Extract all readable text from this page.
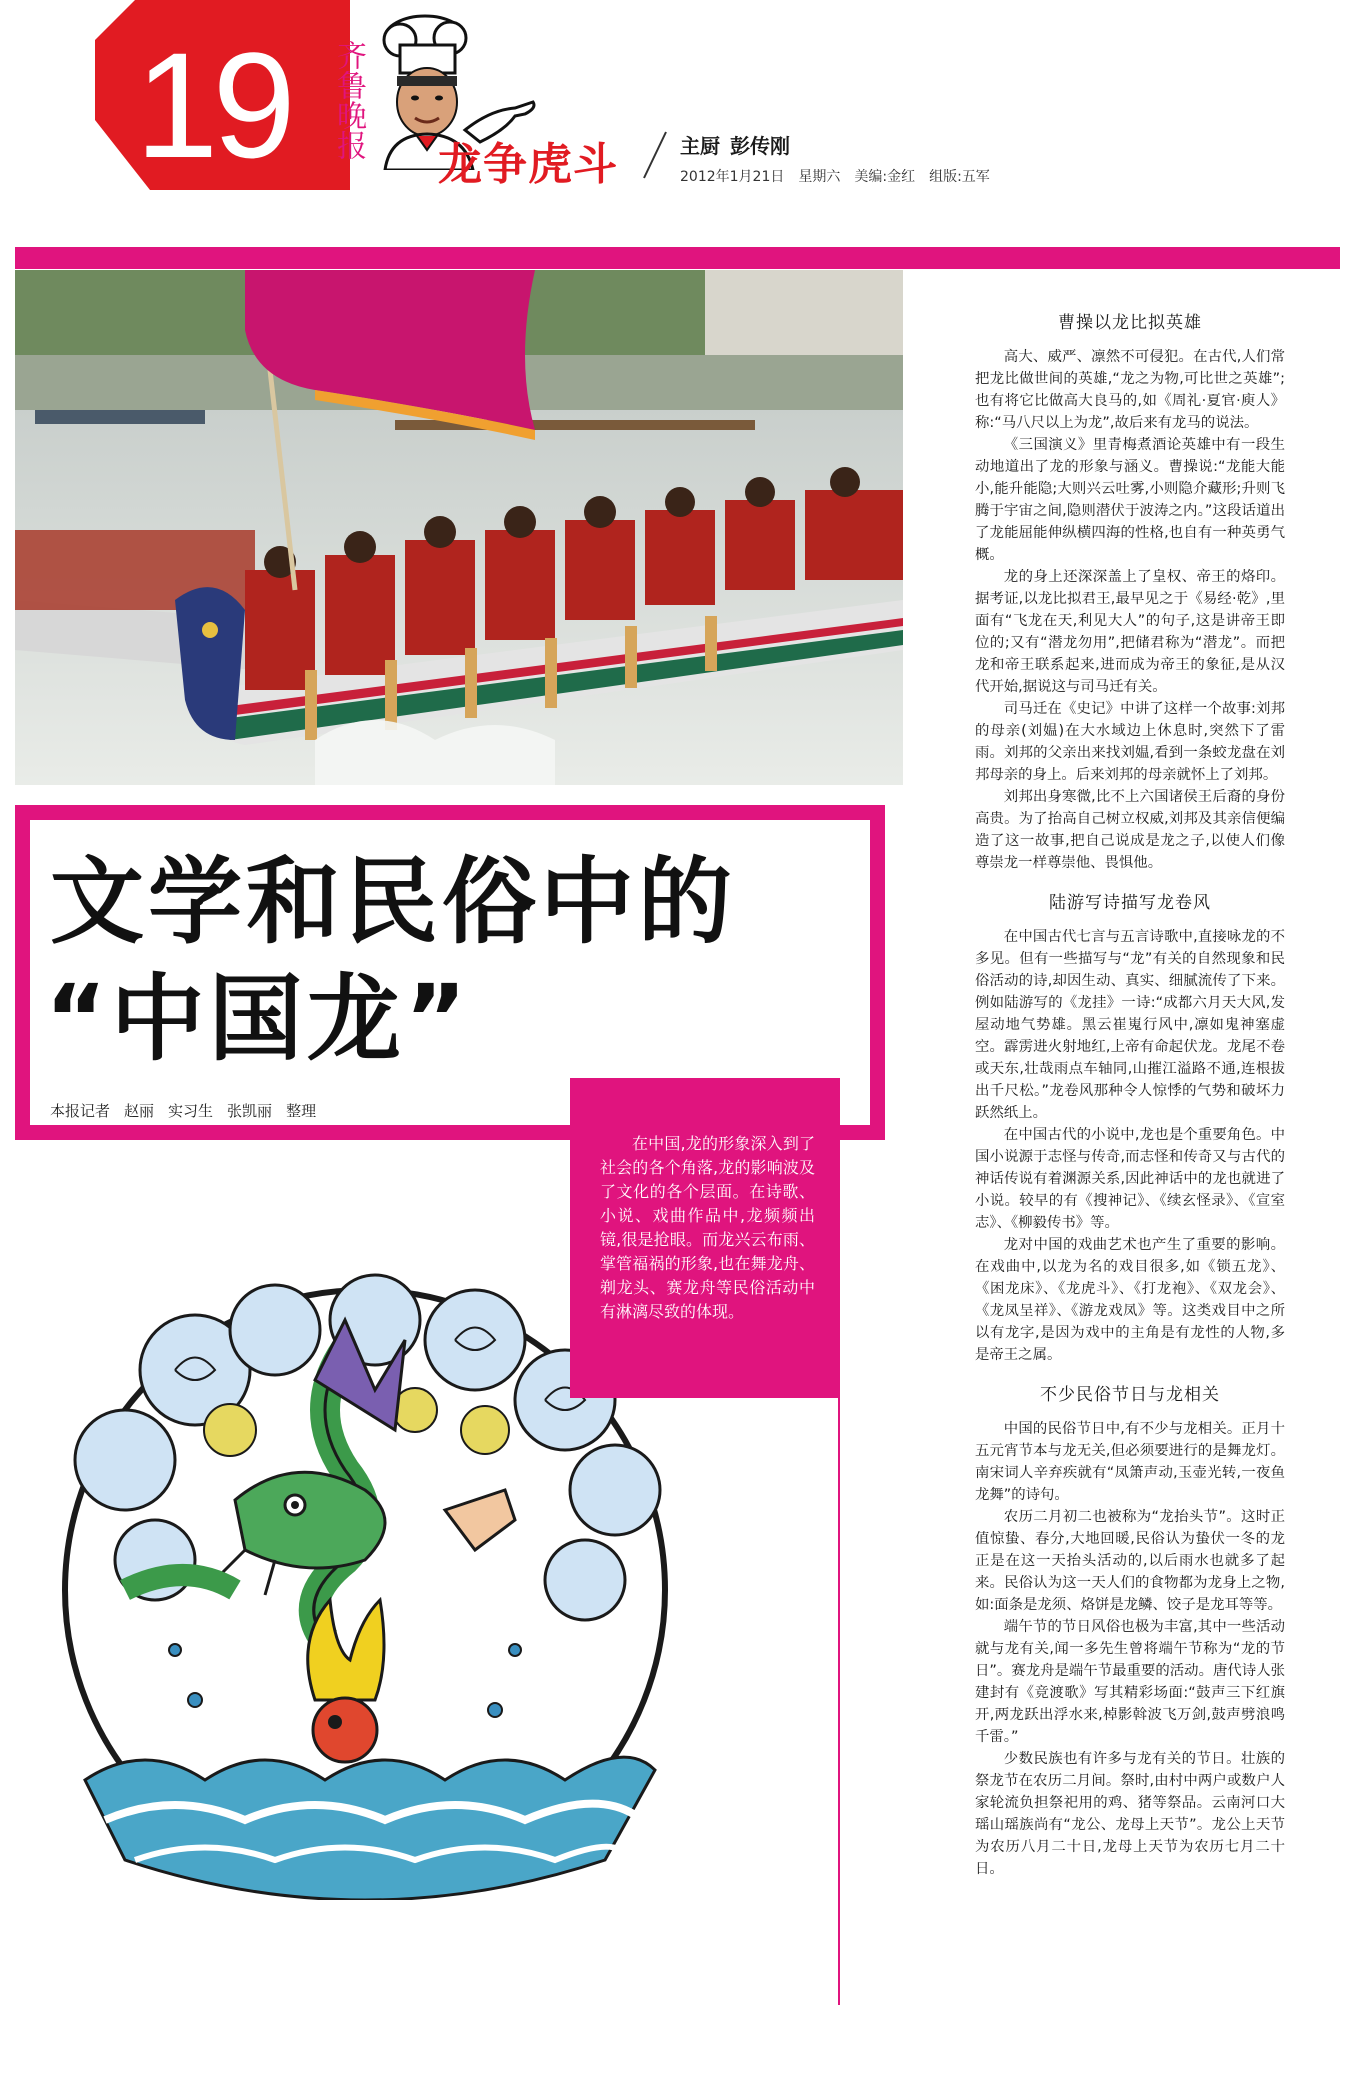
19	齐鲁晚报
龙争虎斗	主厨 彭传刚
2012年1月21日 星期六 美编:金红 组版:五军
文学和民俗中的
“中国龙”
本报记者 赵丽 实习生 张凯丽 整理
在中国,龙的形象深入到了社会的各个角落,龙的影响波及了文化的各个层面。在诗歌、小说、戏曲作品中,龙频频出镜,很是抢眼。而龙兴云布雨、掌管福祸的形象,也在舞龙舟、剃龙头、赛龙舟等民俗活动中有淋漓尽致的体现。
曹操以龙比拟英雄

高大、威严、凛然不可侵犯。在古代,人们常把龙比做世间的英雄,“龙之为物,可比世之英雄”;也有将它比做高大良马的,如《周礼·夏官·庾人》称:“马八尺以上为龙”,故后来有龙马的说法。

《三国演义》里青梅煮酒论英雄中有一段生动地道出了龙的形象与涵义。曹操说:“龙能大能小,能升能隐;大则兴云吐雾,小则隐介藏形;升则飞腾于宇宙之间,隐则潜伏于波涛之内。”这段话道出了龙能屈能伸纵横四海的性格,也自有一种英勇气概。

龙的身上还深深盖上了皇权、帝王的烙印。据考证,以龙比拟君王,最早见之于《易经·乾》,里面有“飞龙在天,利见大人”的句子,这是讲帝王即位的;又有“潜龙勿用”,把储君称为“潜龙”。而把龙和帝王联系起来,进而成为帝王的象征,是从汉代开始,据说这与司马迁有关。

司马迁在《史记》中讲了这样一个故事:刘邦的母亲(刘媪)在大水域边上休息时,突然下了雷雨。刘邦的父亲出来找刘媪,看到一条蛟龙盘在刘邦母亲的身上。后来刘邦的母亲就怀上了刘邦。

刘邦出身寒微,比不上六国诸侯王后裔的身份高贵。为了抬高自己树立权威,刘邦及其亲信便编造了这一故事,把自己说成是龙之子,以使人们像尊崇龙一样尊崇他、畏惧他。

陆游写诗描写龙卷风

在中国古代七言与五言诗歌中,直接咏龙的不多见。但有一些描写与“龙”有关的自然现象和民俗活动的诗,却因生动、真实、细腻流传了下来。例如陆游写的《龙挂》一诗:“成都六月天大风,发屋动地气势雄。黑云崔嵬行风中,凛如鬼神塞虚空。霹雳进火射地红,上帝有命起伏龙。龙尾不卷或天东,壮哉雨点车轴同,山摧江溢路不通,连根拔出千尺松。”龙卷风那种令人惊悸的气势和破坏力跃然纸上。

在中国古代的小说中,龙也是个重要角色。中国小说源于志怪与传奇,而志怪和传奇又与古代的神话传说有着渊源关系,因此神话中的龙也就进了小说。较早的有《搜神记》、《续玄怪录》、《宣室志》、《柳毅传书》等。

龙对中国的戏曲艺术也产生了重要的影响。在戏曲中,以龙为名的戏目很多,如《锁五龙》、《困龙床》、《龙虎斗》、《打龙袍》、《双龙会》、《龙凤呈祥》、《游龙戏凤》等。这类戏目中之所以有龙字,是因为戏中的主角是有龙性的人物,多是帝王之属。

不少民俗节日与龙相关

中国的民俗节日中,有不少与龙相关。正月十五元宵节本与龙无关,但必须要进行的是舞龙灯。南宋词人辛弃疾就有“凤箫声动,玉壶光转,一夜鱼龙舞”的诗句。

农历二月初二也被称为“龙抬头节”。这时正值惊蛰、春分,大地回暖,民俗认为蛰伏一冬的龙正是在这一天抬头活动的,以后雨水也就多了起来。民俗认为这一天人们的食物都为龙身上之物,如:面条是龙须、烙饼是龙鳞、饺子是龙耳等等。

端午节的节日风俗也极为丰富,其中一些活动就与龙有关,闻一多先生曾将端午节称为“龙的节日”。赛龙舟是端午节最重要的活动。唐代诗人张建封有《竞渡歌》写其精彩场面:“鼓声三下红旗开,两龙跃出浮水来,棹影斡波飞万剑,鼓声劈浪鸣千雷。”

少数民族也有许多与龙有关的节日。壮族的祭龙节在农历二月间。祭时,由村中两户或数户人家轮流负担祭祀用的鸡、猪等祭品。云南河口大瑶山瑶族尚有“龙公、龙母上天节”。龙公上天节为农历八月二十日,龙母上天节为农历七月二十日。
